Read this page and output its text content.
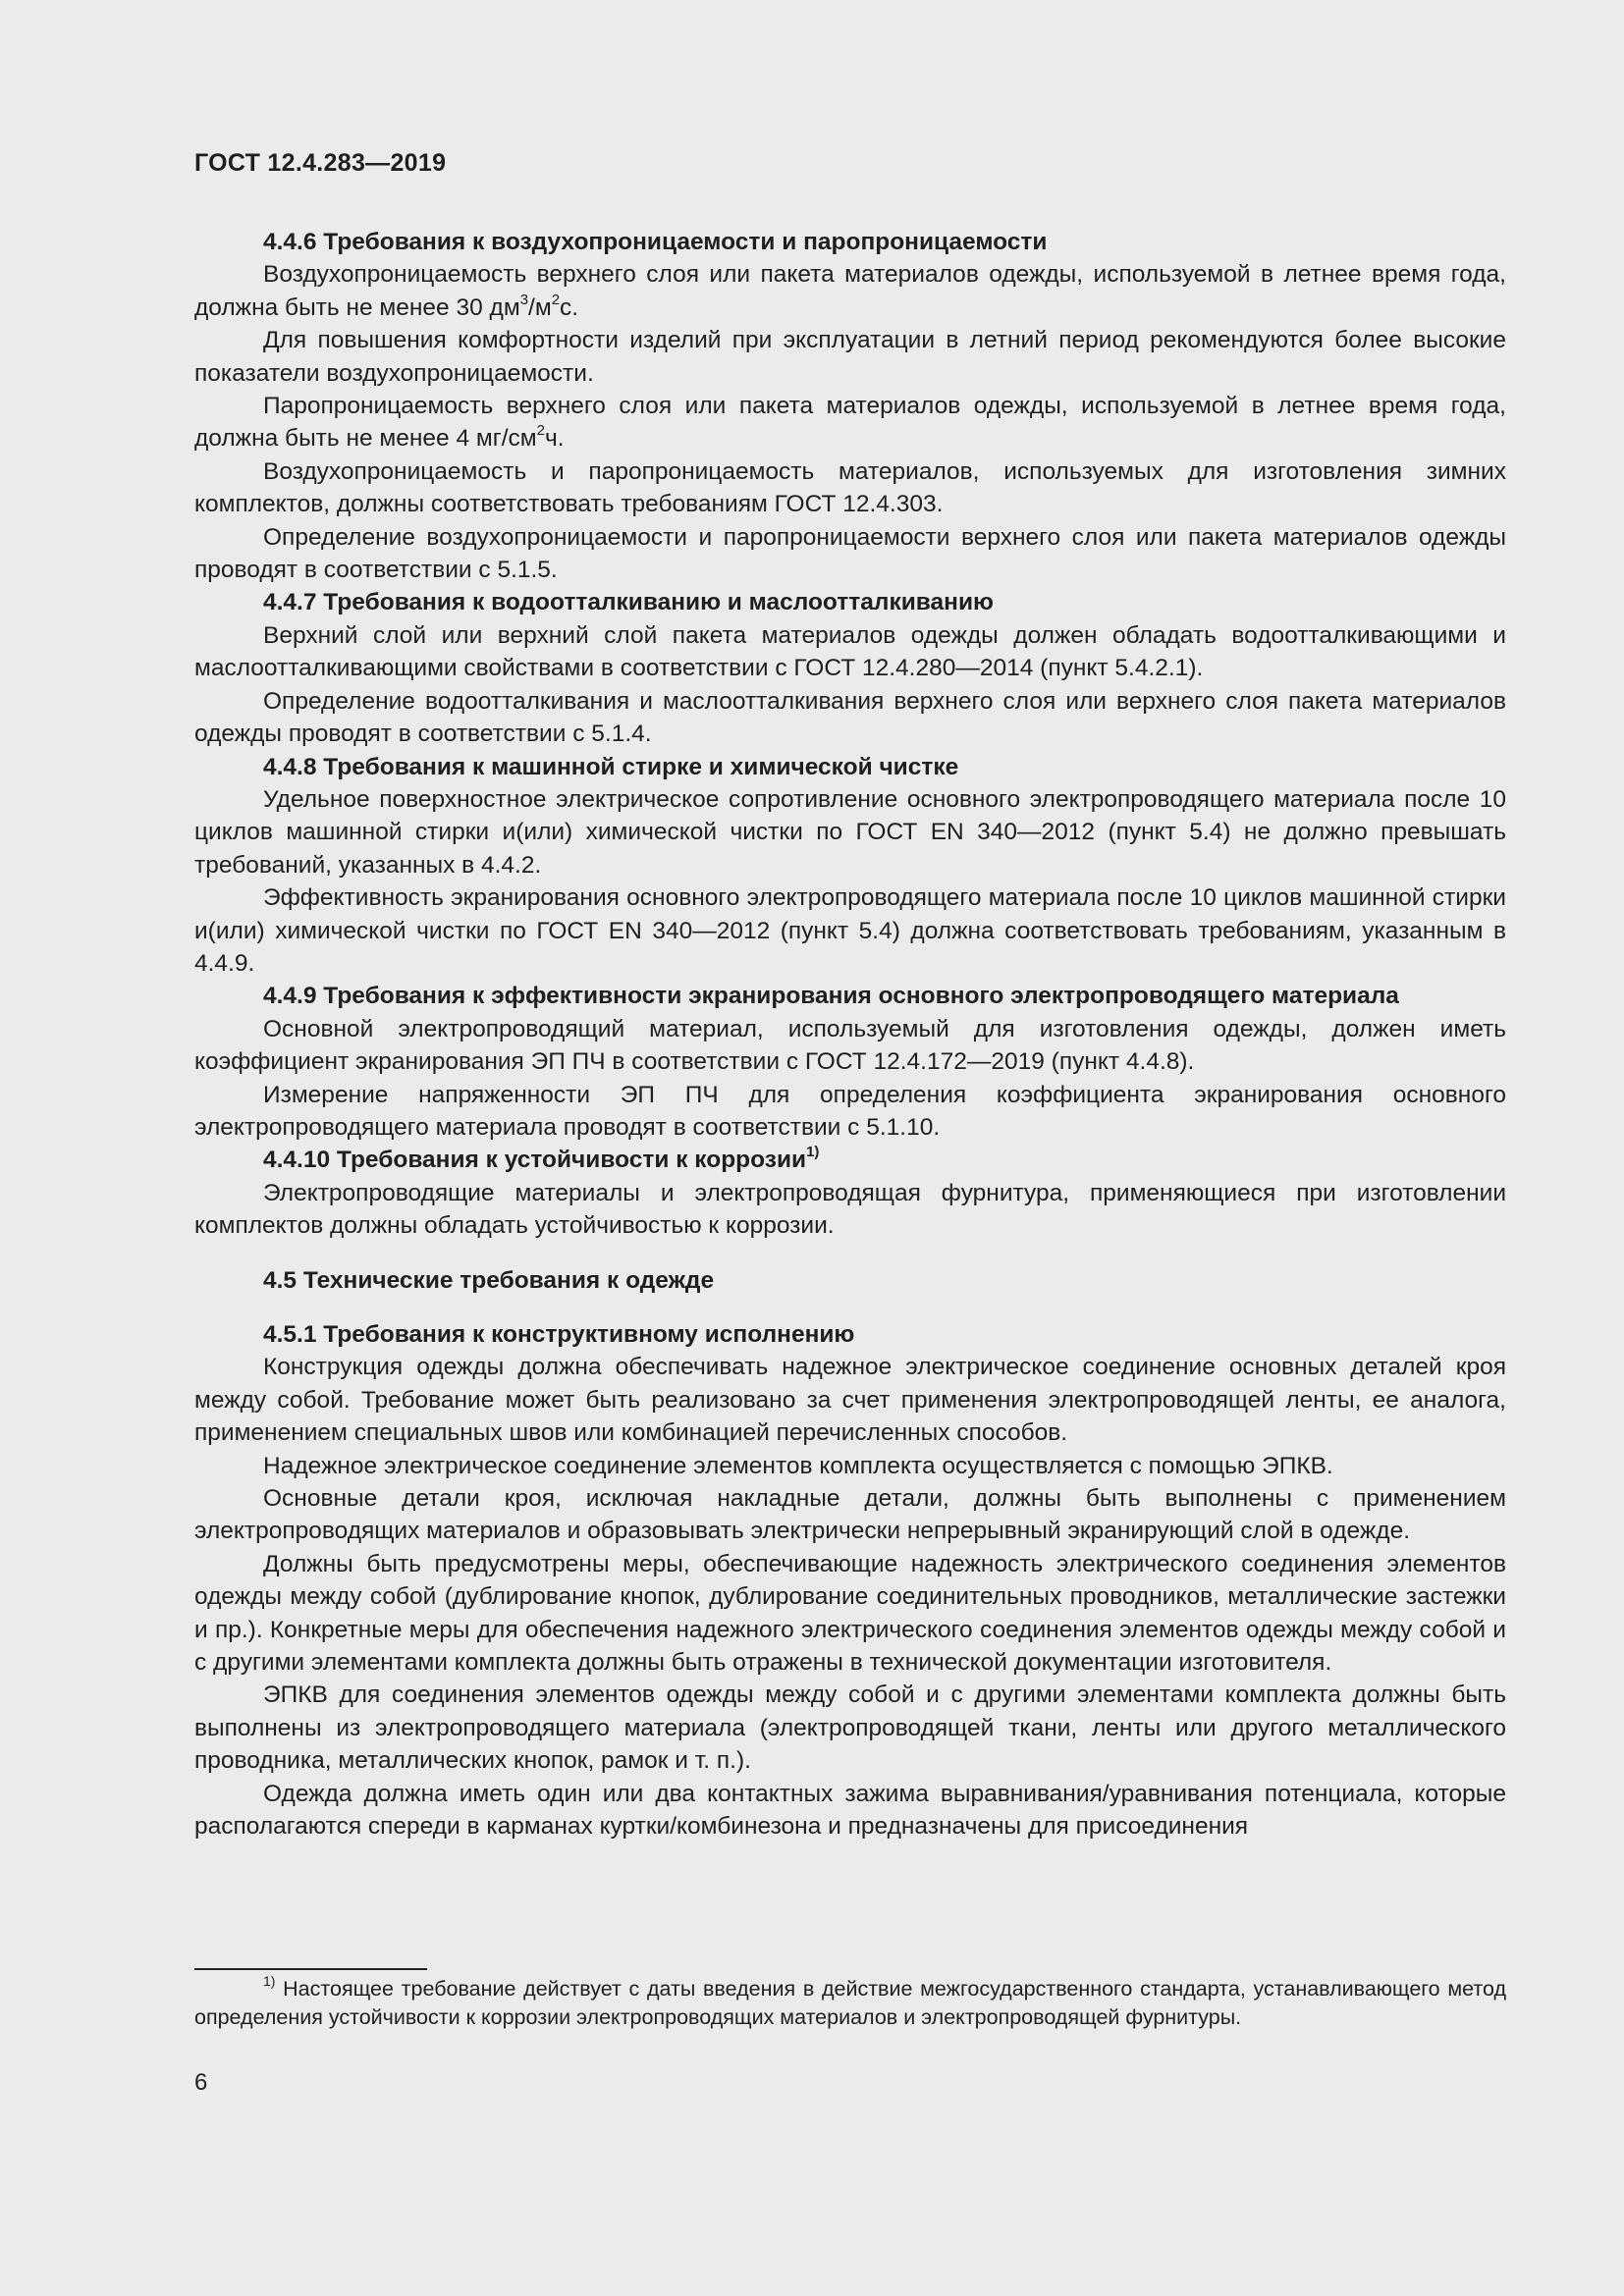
ГОСТ 12.4.283—2019

4.4.6 Требования к воздухопроницаемости и паропроницаемости

Воздухопроницаемость верхнего слоя или пакета материалов одежды, используемой в летнее время года, должна быть не менее 30 $дм^3/м^2с$.

Для повышения комфортности изделий при эксплуатации в летний период рекомендуются более высокие показатели воздухопроницаемости.

Паропроницаемость верхнего слоя или пакета материалов одежды, используемой в летнее время года, должна быть не менее 4 $мг/см^2ч$.

Воздухопроницаемость и паропроницаемость материалов, используемых для изготовления зимних комплектов, должны соответствовать требованиям ГОСТ 12.4.303.

Определение воздухопроницаемости и паропроницаемости верхнего слоя или пакета материалов одежды проводят в соответствии с 5.1.5.

4.4.7 Требования к водоотталкиванию и маслоотталкиванию

Верхний слой или верхний слой пакета материалов одежды должен обладать водоотталкивающими и маслоотталкивающими свойствами в соответствии с ГОСТ 12.4.280—2014 (пункт 5.4.2.1).

Определение водоотталкивания и маслоотталкивания верхнего слоя или верхнего слоя пакета материалов одежды проводят в соответствии с 5.1.4.

4.4.8 Требования к машинной стирке и химической чистке

Удельное поверхностное электрическое сопротивление основного электропроводящего материала после 10 циклов машинной стирки и(или) химической чистки по ГОСТ EN 340—2012 (пункт 5.4) не должно превышать требований, указанных в 4.4.2.

Эффективность экранирования основного электропроводящего материала после 10 циклов машинной стирки и(или) химической чистки по ГОСТ EN 340—2012 (пункт 5.4) должна соответствовать требованиям, указанным в 4.4.9.

4.4.9 Требования к эффективности экранирования основного электропроводящего материала

Основной электропроводящий материал, используемый для изготовления одежды, должен иметь коэффициент экранирования ЭП ПЧ в соответствии с ГОСТ 12.4.172—2019 (пункт 4.4.8).

Измерение напряженности ЭП ПЧ для определения коэффициента экранирования основного электропроводящего материала проводят в соответствии с 5.1.10.

4.4.10 Требования к устойчивости к коррозии$^{1)}$

Электропроводящие материалы и электропроводящая фурнитура, применяющиеся при изготовлении комплектов должны обладать устойчивостью к коррозии.

4.5 Технические требования к одежде

4.5.1 Требования к конструктивному исполнению

Конструкция одежды должна обеспечивать надежное электрическое соединение основных деталей кроя между собой. Требование может быть реализовано за счет применения электропроводящей ленты, ее аналога, применением специальных швов или комбинацией перечисленных способов.

Надежное электрическое соединение элементов комплекта осуществляется с помощью ЭПКВ.

Основные детали кроя, исключая накладные детали, должны быть выполнены с применением электропроводящих материалов и образовывать электрически непрерывный экранирующий слой в одежде.

Должны быть предусмотрены меры, обеспечивающие надежность электрического соединения элементов одежды между собой (дублирование кнопок, дублирование соединительных проводников, металлические застежки и пр.). Конкретные меры для обеспечения надежного электрического соединения элементов одежды между собой и с другими элементами комплекта должны быть отражены в технической документации изготовителя.

ЭПКВ для соединения элементов одежды между собой и с другими элементами комплекта должны быть выполнены из электропроводящего материала (электропроводящей ткани, ленты или другого металлического проводника, металлических кнопок, рамок и т. п.).

Одежда должна иметь один или два контактных зажима выравнивания/уравнивания потенциала, которые располагаются спереди в карманах куртки/комбинезона и предназначены для присоединения

$^{1)}$ Настоящее требование действует с даты введения в действие межгосударственного стандарта, устанавливающего метод определения устойчивости к коррозии электропроводящих материалов и электропроводящей фурнитуры.

6
